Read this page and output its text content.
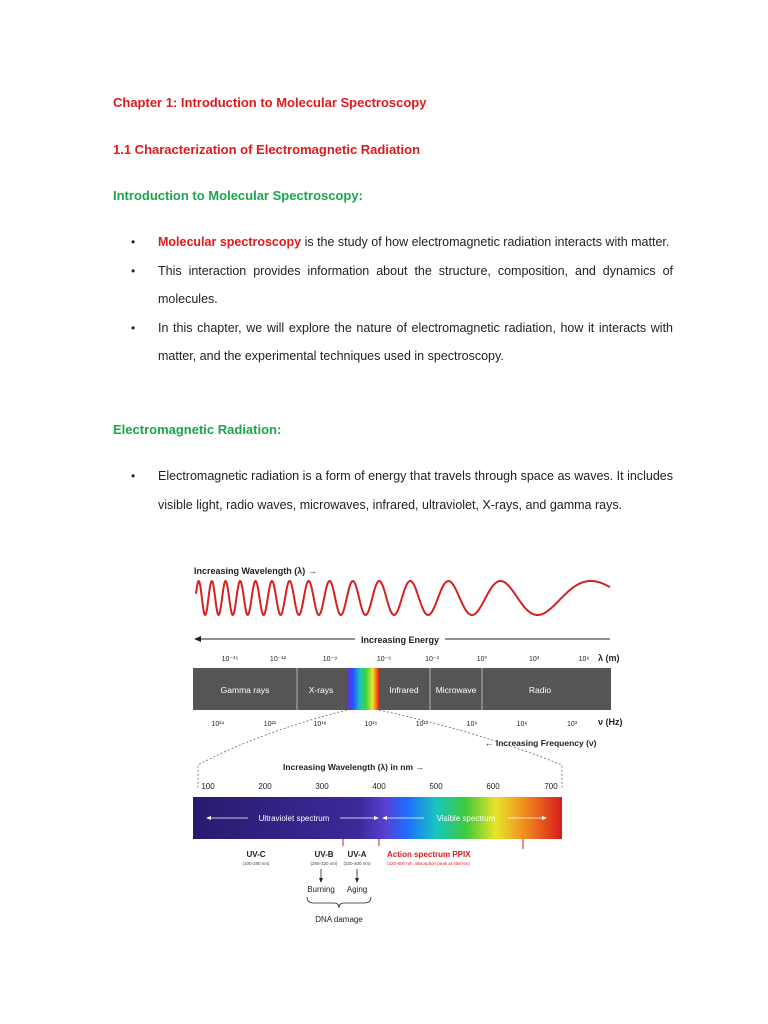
Chapter 1: Introduction to Molecular Spectroscopy
1.1 Characterization of Electromagnetic Radiation
Introduction to Molecular Spectroscopy:
• Molecular spectroscopy is the study of how electromagnetic radiation interacts with matter.
• This interaction provides information about the structure, composition, and dynamics of molecules.
• In this chapter, we will explore the nature of electromagnetic radiation, how it interacts with matter, and the experimental techniques used in spectroscopy.
Electromagnetic Radiation:
• Electromagnetic radiation is a form of energy that travels through space as waves. It includes visible light, radio waves, microwaves, infrared, ultraviolet, X-rays, and gamma rays.
Increasing Wavelength (λ) →
Increasing Energy
10⁻¹⁵	10⁻¹²	10⁻⁹	10⁻⁶	10⁻³	10⁰	10³	10⁶ λ (m)
Gamma rays	X-rays	Infrared Microwave	Radio
10²⁴	10²¹	10¹⁸	10¹⁵	10¹²	10⁹	10⁶	10³ ν (Hz)
← Increasing Frequency (ν)
Increasing Wavelength (λ) in nm →
100	200	300	400	500	600	700
Ultraviolet spectrum	Visible spectrum
UV-C
(100-280 nm)
UV-B
(280-320 nm)
UV-A
(320-400 nm)
Action spectrum PPIX
(320-800 nm, absorption peak at 408 nm)
Burning Aging
DNA damage
